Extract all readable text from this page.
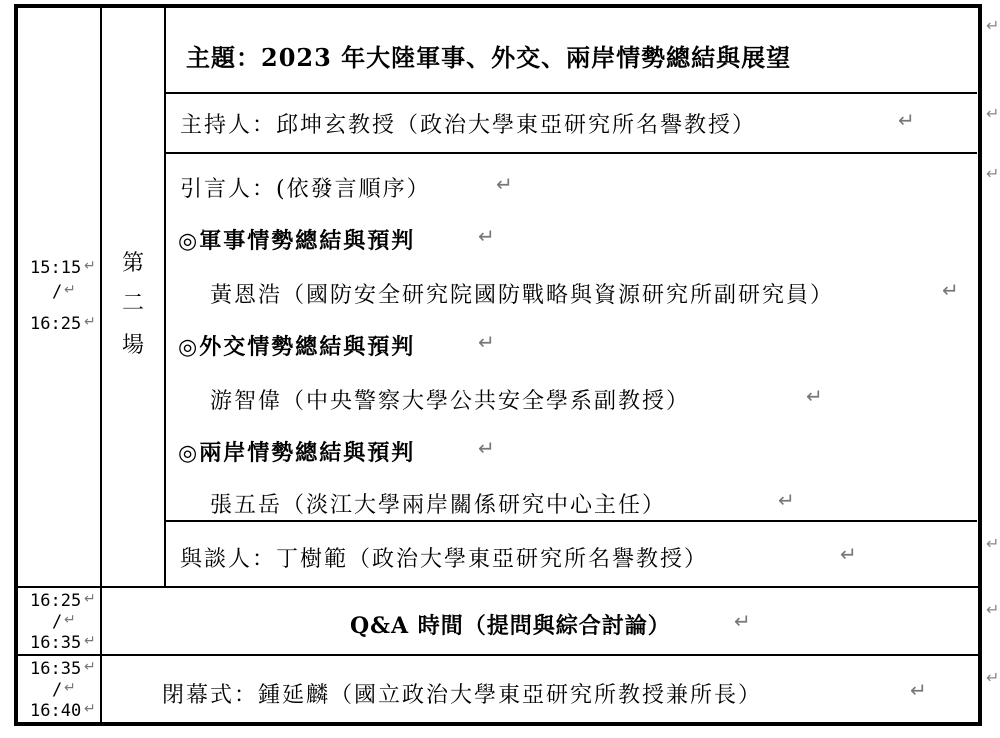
15:15 ↵
/ ↵
16:25 ↵
第
二
場
主題：2023 年大陸軍事、外交、兩岸情勢總結與展望
主持人：邱坤玄教授（政治大學東亞研究所名譽教授）	↵
引言人：(依發言順序）	↵
◎軍事情勢總結與預判	↵
黃恩浩（國防安全研究院國防戰略與資源研究所副研究員）	↵
◎外交情勢總結與預判	↵
游智偉（中央警察大學公共安全學系副教授）	↵
◎兩岸情勢總結與預判	↵
張五岳（淡江大學兩岸關係研究中心主任）	↵
與談人：丁樹範（政治大學東亞研究所名譽教授）	↵
16:25 ↵
/ ↵
16:35 ↵
Q&A 時間（提問與綜合討論）	↵
16:35 ↵
/ ↵
16:40 ↵
閉幕式：鍾延麟（國立政治大學東亞研究所教授兼所長）	↵
↵
↵
↵
↵
↵
↵
